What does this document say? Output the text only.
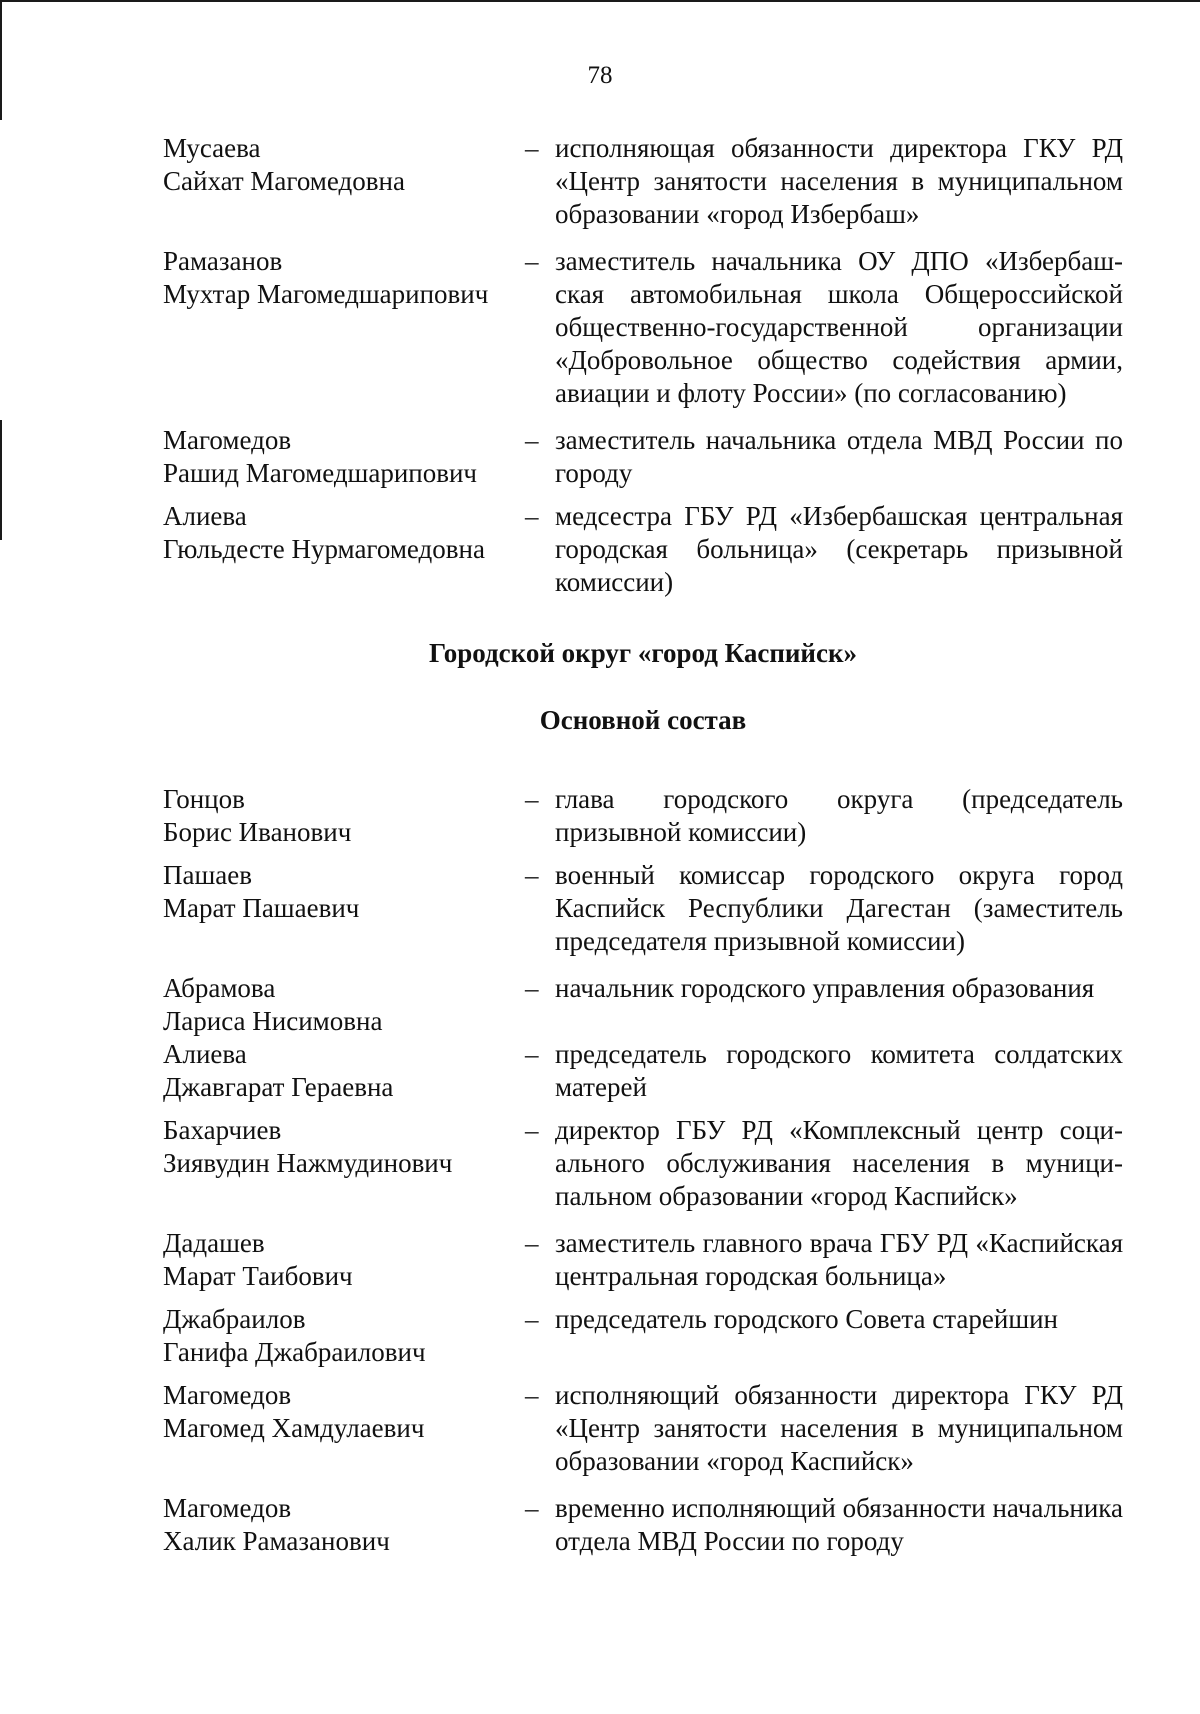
78
Мусаева
Сайхат Магомедовна
– исполняющая обязанности директора ГКУ РД «Центр занятости населения в муниципальном образовании «город Избербаш»
Рамазанов
Мухтар Магомедшарипович
– заместитель начальника ОУ ДПО «Избербашская автомобильная школа Общероссийской общественно-государственной организации «Добровольное общество содействия армии, авиации и флоту России» (по согласованию)
Магомедов
Рашид Магомедшарипович
– заместитель начальника отдела МВД России по городу
Алиева
Гюльдесте Нурмагомедовна
– медсестра ГБУ РД «Избербашская центральная городская больница» (секретарь призывной комиссии)
Городской округ «город Каспийск»
Основной состав
Гонцов
Борис Иванович
– глава городского округа (председатель призывной комиссии)
Пашаев
Марат Пашаевич
– военный комиссар городского округа город Каспийск Республики Дагестан (заместитель председателя призывной комиссии)
Абрамова
Лариса Нисимовна
– начальник городского управления образования
Алиева
Джавгарат Гераевна
– председатель городского комитета солдатских матерей
Бахарчиев
Зиявудин Нажмудинович
– директор ГБУ РД «Комплексный центр социального обслуживания населения в муниципальном образовании «город Каспийск»
Дадашев
Марат Таибович
– заместитель главного врача ГБУ РД «Каспийская центральная городская больница»
Джабраилов
Ганифа Джабраилович
– председатель городского Совета старейшин
Магомедов
Магомед Хамдулаевич
– исполняющий обязанности директора ГКУ РД «Центр занятости населения в муниципальном образовании «город Каспийск»
Магомедов
Халик Рамазанович
– временно исполняющий обязанности начальника отдела МВД России по городу
